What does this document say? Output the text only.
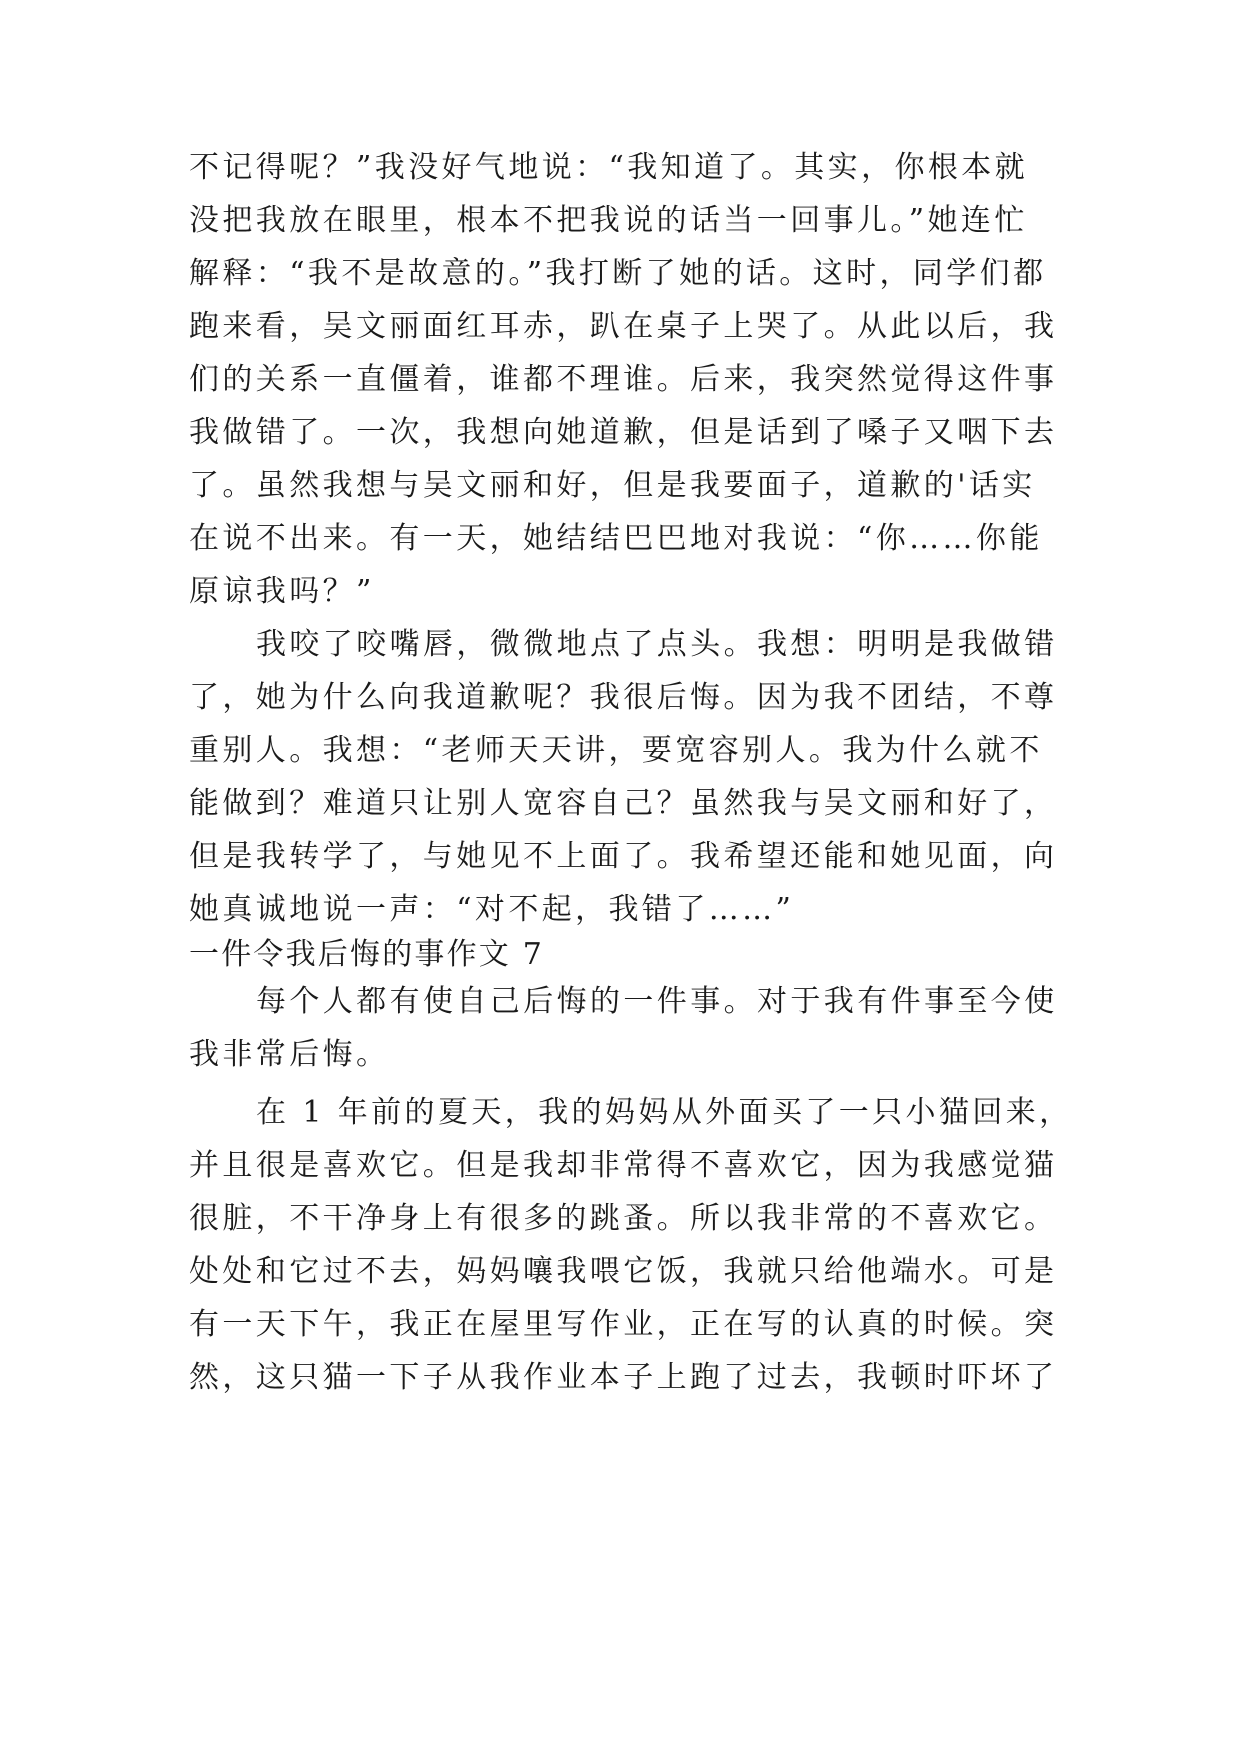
不记得呢？”我没好气地说：“我知道了。其实，你根本就

没把我放在眼里，根本不把我说的话当一回事儿。”她连忙

解释：“我不是故意的。”我打断了她的话。这时，同学们都

跑来看，吴文丽面红耳赤，趴在桌子上哭了。从此以后，我

们的关系一直僵着，谁都不理谁。后来，我突然觉得这件事

我做错了。一次，我想向她道歉，但是话到了嗓子又咽下去

了。虽然我想与吴文丽和好，但是我要面子，道歉的'话实

在说不出来。有一天，她结结巴巴地对我说：“你……你能

原谅我吗？”

我咬了咬嘴唇，微微地点了点头。我想：明明是我做错

了，她为什么向我道歉呢？我很后悔。因为我不团结，不尊

重别人。我想：“老师天天讲，要宽容别人。我为什么就不

能做到？难道只让别人宽容自己？虽然我与吴文丽和好了，

但是我转学了，与她见不上面了。我希望还能和她见面，向

她真诚地说一声：“对不起，我错了……”

一件令我后悔的事作文 7

每个人都有使自己后悔的一件事。对于我有件事至今使

我非常后悔。

在 1 年前的夏天，我的妈妈从外面买了一只小猫回来，

并且很是喜欢它。但是我却非常得不喜欢它，因为我感觉猫

很脏，不干净身上有很多的跳蚤。所以我非常的不喜欢它。

处处和它过不去，妈妈嚷我喂它饭，我就只给他端水。可是

有一天下午，我正在屋里写作业，正在写的认真的时候。突

然，这只猫一下子从我作业本子上跑了过去，我顿时吓坏了
